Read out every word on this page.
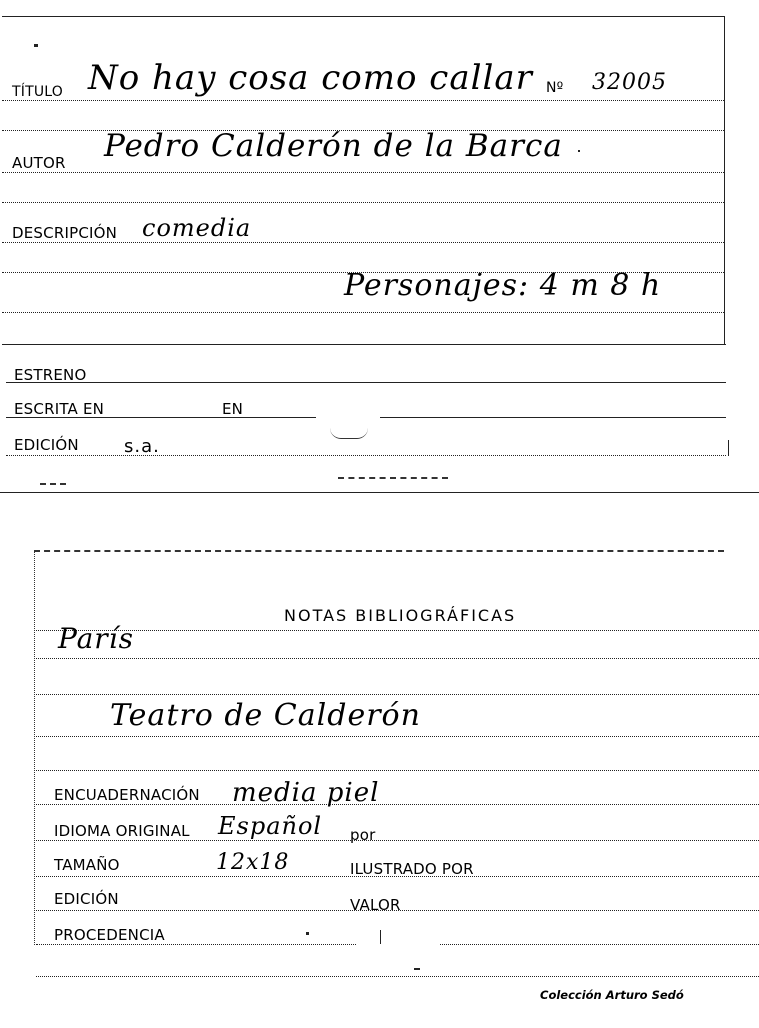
TÍTULO No hay cosa como callar Nº 32005
AUTOR Pedro Calderón de la Barca
DESCRIPCIÓN comedia
Personajes: 4 m 8 h
ESTRENO
ESCRITA EN	EN
EDICIÓN	s.a.
NOTAS BIBLIOGRÁFICAS
París
Teatro de Calderón
ENCUADERNACIÓN media piel
IDIOMA ORIGINAL Español por
TAMAÑO	12x18	ILUSTRADO POR
EDICIÓN	VALOR
PROCEDENCIA
Colección Arturo Sedó
